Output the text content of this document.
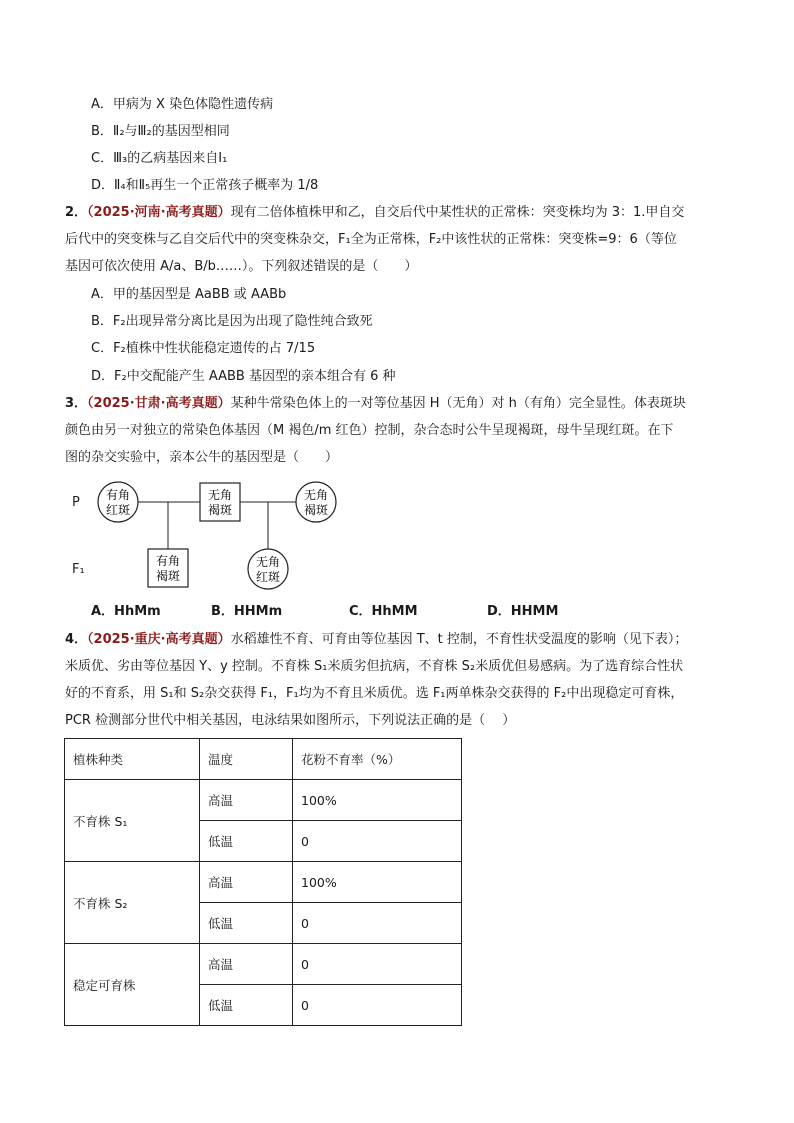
A．甲病为 X 染色体隐性遗传病
B．Ⅱ₂与Ⅲ₂的基因型相同
C．Ⅲ₃的乙病基因来自Ⅰ₁
D．Ⅱ₄和Ⅱ₅再生一个正常孩子概率为 1/8
2．（2025·河南·高考真题）现有二倍体植株甲和乙，自交后代中某性状的正常株：突变株均为 3：1.甲自交
后代中的突变株与乙自交后代中的突变株杂交，F₁全为正常株，F₂中该性状的正常株：突变株=9：6（等位
基因可依次使用 A/a、B/b……）。下列叙述错误的是（　　）
A．甲的基因型是 AaBB 或 AABb
B．F₂出现异常分离比是因为出现了隐性纯合致死
C．F₂植株中性状能稳定遗传的占 7/15
D．F₂中交配能产生 AABB 基因型的亲本组合有 6 种
3．（2025·甘肃·高考真题）某种牛常染色体上的一对等位基因 H（无角）对 h（有角）完全显性。体表斑块
颜色由另一对独立的常染色体基因（M 褐色/m 红色）控制，杂合态时公牛呈现褐斑，母牛呈现红斑。在下
图的杂交实验中，亲本公牛的基因型是（　　）
P
F₁
有角
红斑
无角
褐斑
无角
褐斑
有角
褐斑
无角
红斑
A．HhMm	B．HHMm	C．HhMM	D．HHMM
4．（2025·重庆·高考真题）水稻雄性不育、可育由等位基因 T、t 控制，不育性状受温度的影响（见下表）；
米质优、劣由等位基因 Y、y 控制。不育株 S₁米质劣但抗病，不育株 S₂米质优但易感病。为了选育综合性状
好的不育系，用 S₁和 S₂杂交获得 F₁，F₁均为不育且米质优。选 F₁两单株杂交获得的 F₂中出现稳定可育株，
PCR 检测部分世代中相关基因，电泳结果如图所示，下列说法正确的是（　 ）
植株种类	温度	花粉不育率（%）
不育株 S₁	高温	100%
	低温	0
不育株 S₂	高温	100%
	低温	0
稳定可育株	高温	0
	低温	0
